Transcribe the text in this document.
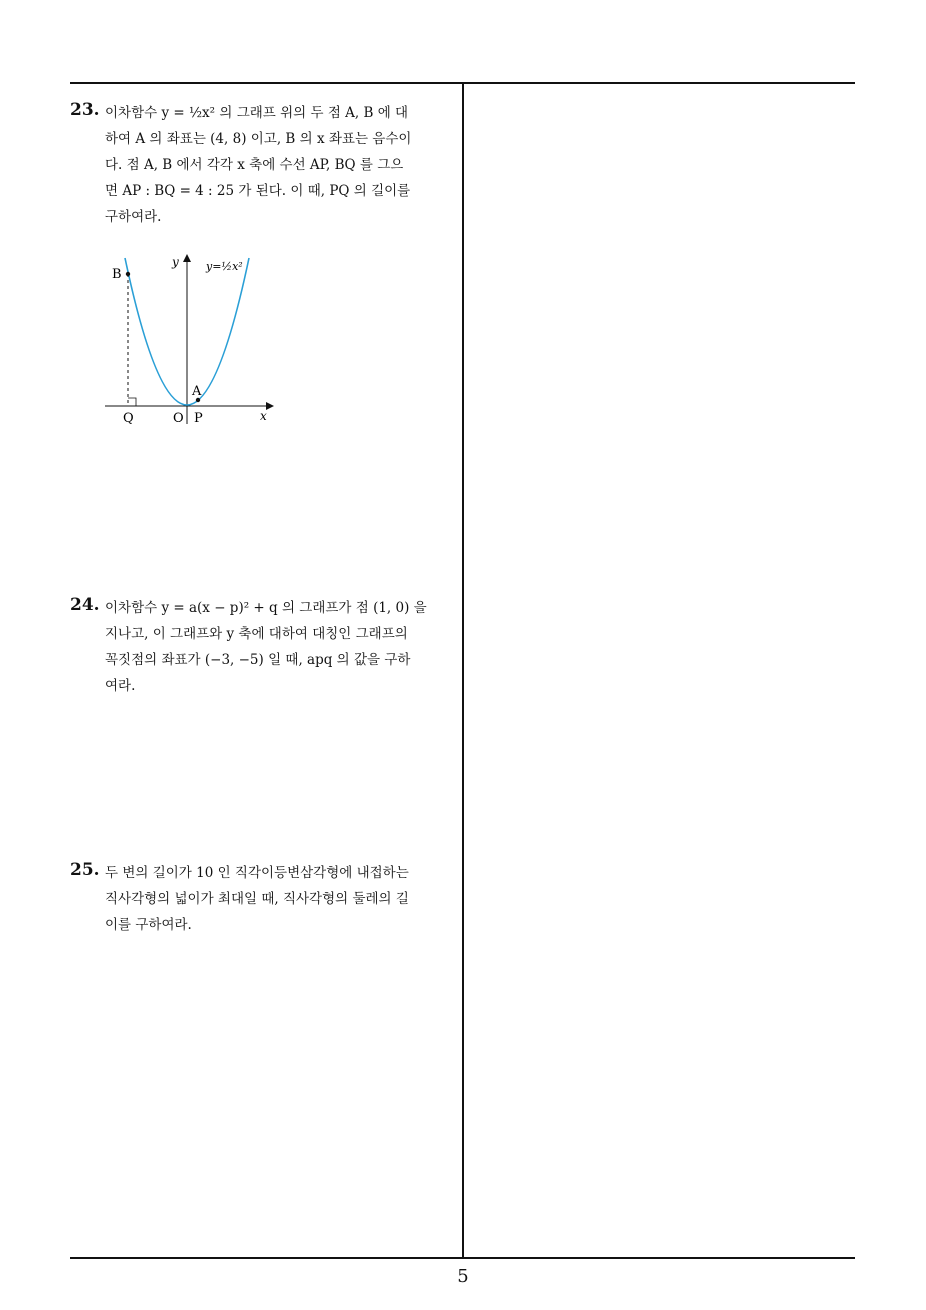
23. 이차함수 y = ½x² 의 그래프 위의 두 점 A, B 에 대
하여 A 의 좌표는 (4, 8) 이고, B 의 x 좌표는 음수이
다. 점 A, B 에서 각각 x 축에 수선 AP, BQ 를 그으
면 AP : BQ = 4 : 25 가 된다. 이 때, PQ 의 길이를
구하여라.
B
A
Q	O P
y
x
y=½x²
24. 이차함수 y = a(x − p)² + q 의 그래프가 점 (1, 0) 을
지나고, 이 그래프와 y 축에 대하여 대칭인 그래프의
꼭짓점의 좌표가 (−3, −5) 일 때, apq 의 값을 구하
여라.
25. 두 변의 길이가 10 인 직각이등변삼각형에 내접하는
직사각형의 넓이가 최대일 때, 직사각형의 둘레의 길
이를 구하여라.
5
